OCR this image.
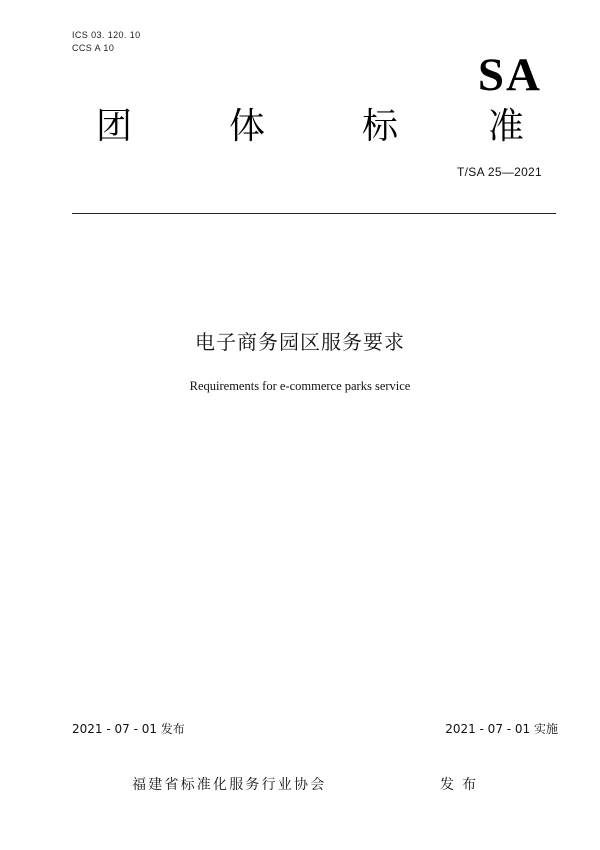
ICS 03. 120. 10
CCS A 10
SA
团	体	标 准
T/SA 25—2021
电子商务园区服务要求
Requirements for e-commerce parks service
2021 - 07 - 01 发布	2021 - 07 - 01 实施
福建省标准化服务行业协会	发布
